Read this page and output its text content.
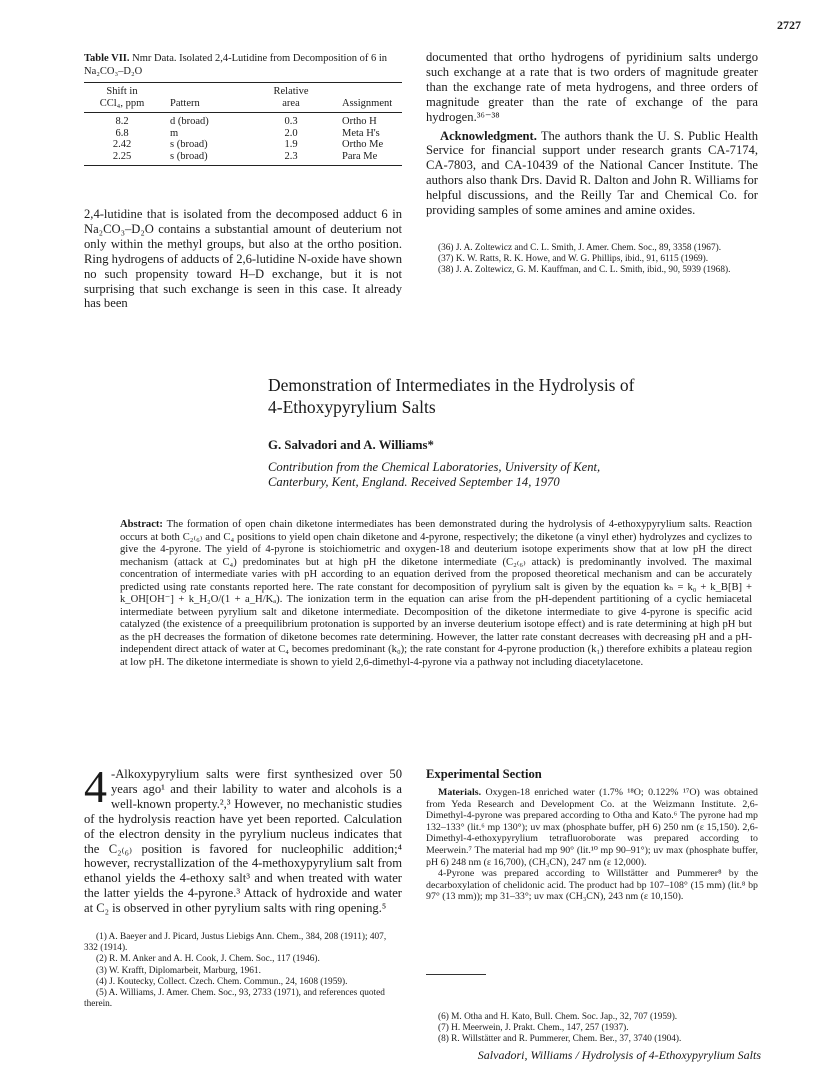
2727
Table VII. Nmr Data. Isolated 2,4-Lutidine from Decomposition of 6 in Na₂CO₃–D₂O
Shift in		Relative	
CCl₄, ppm	Pattern	area	Assignment
8.2	d (broad)	0.3	Ortho H
6.8	m	2.0	Meta H's
2.42	s (broad)	1.9	Ortho Me
2.25	s (broad)	2.3	Para Me
2,4-lutidine that is isolated from the decomposed adduct 6 in Na₂CO₃–D₂O contains a substantial amount of deuterium not only within the methyl groups, but also at the ortho position. Ring hydrogens of adducts of 2,6-lutidine N-oxide have shown no such propensity toward H–D exchange, but it is not surprising that such exchange is seen in this case. It already has been

documented that ortho hydrogens of pyridinium salts undergo such exchange at a rate that is two orders of magnitude greater than the exchange rate of meta hydrogens, and three orders of magnitude greater than the rate of exchange of the para hydrogen.³⁶⁻³⁸

Acknowledgment. The authors thank the U. S. Public Health Service for financial support under research grants CA-7174, CA-7803, and CA-10439 of the National Cancer Institute. The authors also thank Drs. David R. Dalton and John R. Williams for helpful discussions, and the Reilly Tar and Chemical Co. for providing samples of some amines and amine oxides.

(36) J. A. Zoltewicz and C. L. Smith, J. Amer. Chem. Soc., 89, 3358 (1967).
(37) K. W. Ratts, R. K. Howe, and W. G. Phillips, ibid., 91, 6115 (1969).
(38) J. A. Zoltewicz, G. M. Kauffman, and C. L. Smith, ibid., 90, 5939 (1968).
Demonstration of Intermediates in the Hydrolysis of
4-Ethoxypyrylium Salts
G. Salvadori and A. Williams*
Contribution from the Chemical Laboratories, University of Kent,
Canterbury, Kent, England. Received September 14, 1970
Abstract: The formation of open chain diketone intermediates has been demonstrated during the hydrolysis of 4-ethoxypyrylium salts. Reaction occurs at both C₂₍₆₎ and C₄ positions to yield open chain diketone and 4-pyrone, respectively; the diketone (a vinyl ether) hydrolyzes and cyclizes to give the 4-pyrone. The yield of 4-pyrone is stoichiometric and oxygen-18 and deuterium isotope experiments show that at low pH the direct mechanism (attack at C₄) predominates but at high pH the diketone intermediate (C₂₍₆₎ attack) is predominantly involved. The maximal concentration of intermediate varies with pH according to an equation derived from the proposed theoretical mechanism and can be accurately predicted using rate constants reported here. The rate constant for decomposition of pyrylium salt is given by the equation kₕ = k₀ + k_B[B] + k_OH[OH⁻] + k_H₂O/(1 + a_H/Kₐ). The ionization term in the equation can arise from the pH-dependent partitioning of a cyclic hemiacetal intermediate between pyrylium salt and diketone intermediate. Decomposition of the diketone intermediate to give 4-pyrone is specific acid catalyzed (the existence of a preequilibrium protonation is supported by an inverse deuterium isotope effect) and is rate determining at high pH but as the pH decreases the formation of diketone becomes rate determining. However, the latter rate constant decreases with decreasing pH and a pH-independent direct attack of water at C₄ becomes predominant (k₀); the rate constant for 4-pyrone production (k₁) therefore exhibits a plateau region at low pH. The diketone intermediate is shown to yield 2,6-dimethyl-4-pyrone via a pathway not including diacetylacetone.
4 -Alkoxypyrylium salts were first synthesized over 50 years ago¹ and their lability to water and alcohols is a well-known property.²,³ However, no mechanistic studies of the hydrolysis reaction have yet been reported. Calculation of the electron density in the pyrylium nucleus indicates that the C₂₍₆₎ position is favored for nucleophilic addition;⁴ however, recrystallization of the 4-methoxypyrylium salt from ethanol yields the 4-ethoxy salt³ and when treated with water the latter yields the 4-pyrone.³ Attack of hydroxide and water at C₂ is observed in other pyrylium salts with ring opening.⁵
(1) A. Baeyer and J. Picard, Justus Liebigs Ann. Chem., 384, 208 (1911); 407, 332 (1914).
(2) R. M. Anker and A. H. Cook, J. Chem. Soc., 117 (1946).
(3) W. Krafft, Diplomarbeit, Marburg, 1961.
(4) J. Koutecky, Collect. Czech. Chem. Commun., 24, 1608 (1959).
(5) A. Williams, J. Amer. Chem. Soc., 93, 2733 (1971), and references quoted therein.
Experimental Section

Materials. Oxygen-18 enriched water (1.7% ¹⁸O; 0.122% ¹⁷O) was obtained from Yeda Research and Development Co. at the Weizmann Institute. 2,6-Dimethyl-4-pyrone was prepared according to Otha and Kato.⁶ The pyrone had mp 132–133° (lit.⁶ mp 130°); uv max (phosphate buffer, pH 6) 250 nm (ε 15,150). 2,6-Dimethyl-4-ethoxypyrylium tetrafluoroborate was prepared according to Meerwein.⁷ The material had mp 90° (lit.¹⁰ mp 90–91°); uv max (phosphate buffer, pH 6) 248 nm (ε 16,700), (CH₃CN), 247 nm (ε 12,000).

4-Pyrone was prepared according to Willstätter and Pummerer⁸ by the decarboxylation of chelidonic acid. The product had bp 107–108° (15 mm) (lit.⁸ bp 97° (13 mm)); mp 31–33°; uv max (CH₃CN), 243 nm (ε 10,150).

(6) M. Otha and H. Kato, Bull. Chem. Soc. Jap., 32, 707 (1959).
(7) H. Meerwein, J. Prakt. Chem., 147, 257 (1937).
(8) R. Willstätter and R. Pummerer, Chem. Ber., 37, 3740 (1904).
Salvadori, Williams / Hydrolysis of 4-Ethoxypyrylium Salts
